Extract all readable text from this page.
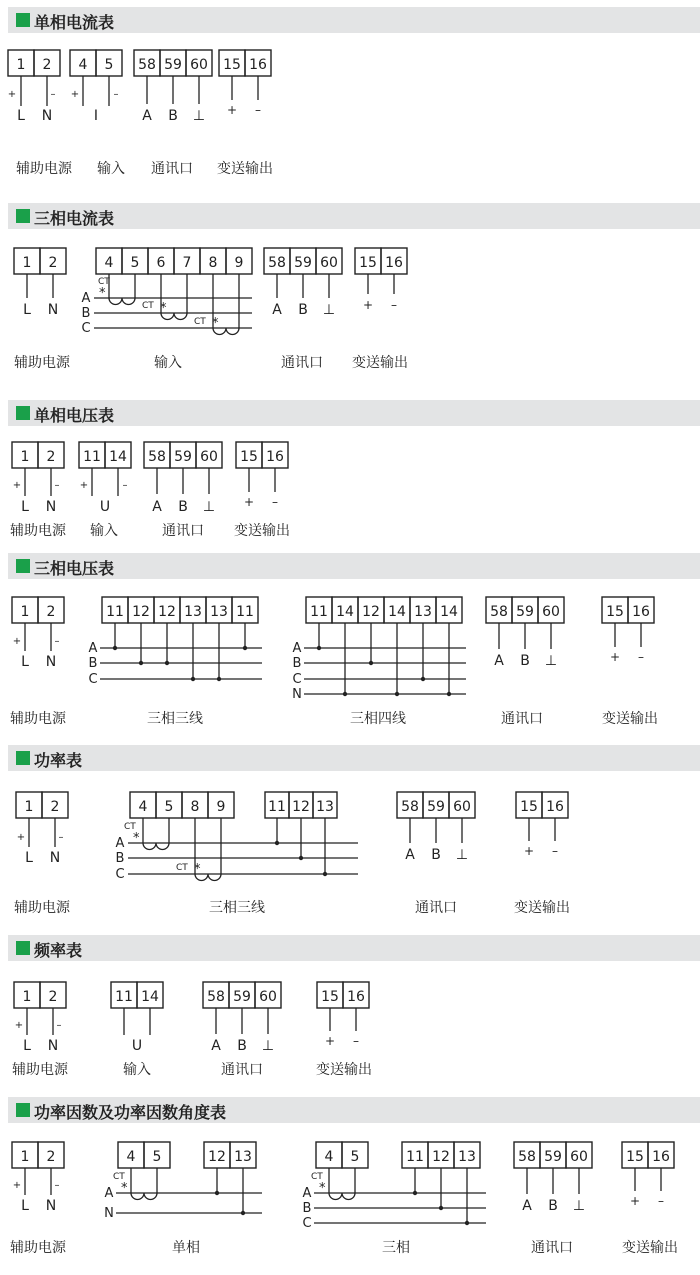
单相电流表
1 2
+	–
L N
4 5
+	–
I
58 59 60
A B ⊥
15 16
+ –
辅助电源 输入 通讯口 变送输出
三相电流表
1 2
L N
4 5 6 7 8 9
A
B
C
CT
*
CT *
CT *
58 59 60
A B ⊥
15 16
+ –
辅助电源	输入	通讯口 变送输出
单相电压表
1 2
+	–
L N
11 14
+	–
U
58 59 60
A B ⊥
15 16
+ –
辅助电源 输入	通讯口 变送输出
三相电压表
1 2
+	–
L N
11 12 12 13 13 11
A
B
C
11 14 12 14 13 14
A
B
C
N
58 59 60
A B ⊥
15 16
+ –
辅助电源	三相三线	三相四线	通讯口	变送输出
功率表
1 2
+	–
L N
4 5 8 9	11 12 13
A
B
C
CT
*
CT *
58 59 60
A B ⊥
15 16
+ –
辅助电源	三相三线	通讯口	变送输出
频率表
1 2
+	–
L N
11 14
U
58 59 60
A B ⊥
15 16
+ –
辅助电源	输入	通讯口	变送输出
功率因数及功率因数角度表
1 2
+	–
L N
4 5	12 13
A
N
CT
*
4 5	11 12 13
A
B
C
CT
*
58 59 60
A B ⊥
15 16
+ –
辅助电源	单相	三相	通讯口	变送输出
